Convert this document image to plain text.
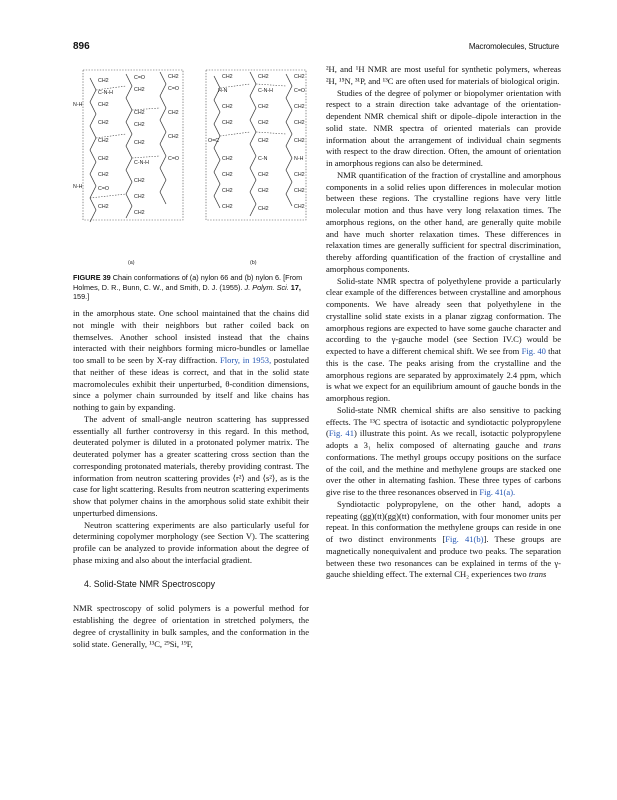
896	Macromolecules, Structure
CH2	C=O	CH2
C-N-H	CH2	C=O
N-H	CH2
CH2	CH2
CH2	CH2
CH2
CH2	CH2
C=O
CH2
C-N-H
CH2
CH2
N-H	C=O
CH2
CH2
CH2
(a)
CH2	CH2	CH2
H-N	C-N-H	C=O
CH2	CH2	CH2
CH2	CH2	CH2
O=C	CH2	CH2
CH2	C-N	N-H
CH2	CH2	CH2
CH2	CH2	CH2
CH2	CH2	CH2
(b)
FIGURE 39 Chain conformations of (a) nylon 66 and (b) nylon 6. [From Holmes, D. R., Bunn, C. W., and Smith, D. J. (1955). J. Polym. Sci. 17, 159.]

in the amorphous state. One school maintained that the chains did not mingle with their neighbors but rather coiled back on themselves. Another school insisted instead that the chains interacted with their neighbors forming micro-bundles or lamellae too small to be seen by X-ray diffraction. Flory, in 1953, postulated that neither of these ideas is correct, and that in the solid state macromolecules exhibit their unperturbed, θ-condition dimensions, since a polymer chain surrounded by itself and like chains has nothing to gain by expanding.

The advent of small-angle neutron scattering has suppressed essentially all further controversy in this regard. In this method, deuterated polymer is diluted in a protonated polymer matrix. The deuterated polymer has a greater scattering cross section than the corresponding protonated materials, thereby providing contrast. The information from neutron scattering provides ⟨r²⟩ and ⟨s²⟩, as is the case for light scattering. Results from neutron scattering experiments show that polymer chains in the amorphous solid state exhibit their unperturbed dimensions.

Neutron scattering experiments are also particularly useful for determining copolymer morphology (see Section V). The scattering profile can be analyzed to provide information about the degree of phase mixing and also about the interfacial gradient.

4. Solid-State NMR Spectroscopy

NMR spectroscopy of solid polymers is a powerful method for establishing the degree of orientation in stretched polymers, the degree of crystallinity in bulk samples, and the conformation in the solid state. Generally, ¹³C, ²⁹Si, ¹⁹F,

²H, and ¹H NMR are most useful for synthetic polymers, whereas ²H, ¹⁵N, ³¹P, and ¹³C are often used for materials of biological origin.

Studies of the degree of polymer or biopolymer orientation with respect to a strain direction take advantage of the orientation-dependent NMR chemical shift or dipole–dipole interaction in the solid state. NMR spectra of oriented materials can provide information about the arrangement of individual chain segments with respect to the draw direction. Often, the amount of orientation in amorphous regions can also be determined.

NMR quantification of the fraction of crystalline and amorphous components in a solid relies upon differences in molecular motion between these regions. The crystalline regions have very little molecular motion and thus have very long relaxation times. The amorphous regions, on the other hand, are generally quite mobile and have much shorter relaxation times. These differences in relaxation times are generally sufficient for spectral discrimination, thereby affording quantification of the fraction of crystalline and amorphous components.

Solid-state NMR spectra of polyethylene provide a particularly clear example of the differences between crystalline and amorphous components. We have already seen that polyethylene in the crystalline solid state exists in a planar zigzag conformation. The amorphous regions are expected to have some gauche character and according to the γ-gauche model (see Section IV.C) would be expected to have a different chemical shift. We see from Fig. 40 that this is the case. The peaks arising from the crystalline and the amorphous regions are separated by approximately 2.4 ppm, which is what we expect for an equilibrium amount of gauche bonds in the amorphous region.

Solid-state NMR chemical shifts are also sensitive to packing effects. The ¹³C spectra of isotactic and syndiotactic polypropylene (Fig. 41) illustrate this point. As we recall, isotactic polypropylene adopts a 3₁ helix composed of alternating gauche and trans conformations. The methyl groups occupy positions on the surface of the coil, and the methine and methylene groups are stacked one over the other in alternating fashion. These three types of carbons give rise to the three resonances observed in Fig. 41(a).

Syndiotactic polypropylene, on the other hand, adopts a repeating (gg)(tt)(gg)(tt) conformation, with four monomer units per repeat. In this conformation the methylene groups can reside in one of two distinct environments [Fig. 41(b)]. These groups are magnetically nonequivalent and produce two peaks. The separation between these two resonances can be explained in terms of the γ-gauche shielding effect. The external CH₂ experiences two trans
